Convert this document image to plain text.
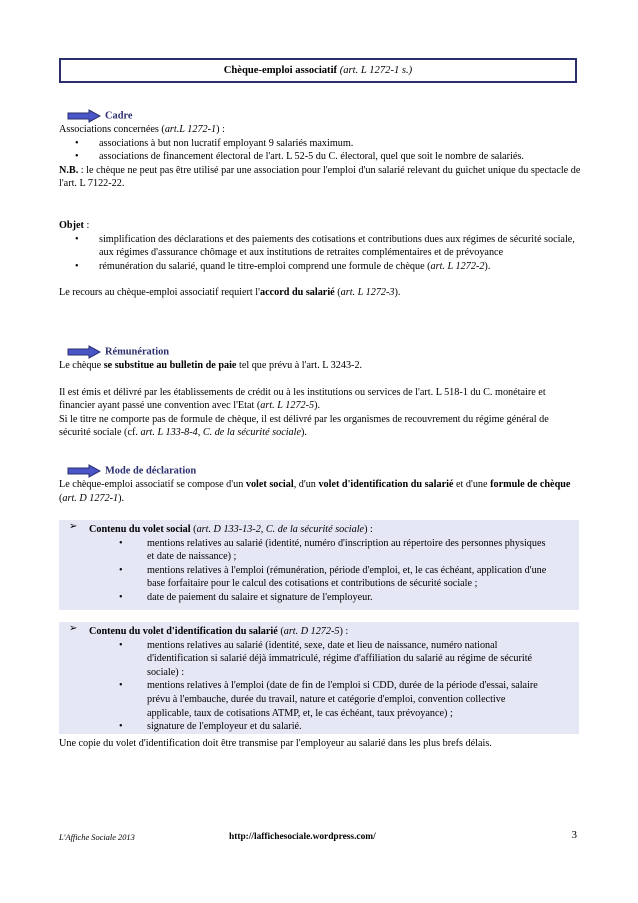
Chèque-emploi associatif (art. L 1272-1 s.)
Cadre

Associations concernées (art.L 1272-1) :

• associations à but non lucratif employant 9 salariés maximum.
• associations de financement électoral de l'art. L 52-5 du C. électoral, quel que soit le nombre de salariés.

N.B. : le chèque ne peut pas être utilisé par une association pour l'emploi d'un salarié relevant du guichet unique du spectacle de l'art. L 7122-22.

Objet :

• simplification des déclarations et des paiements des cotisations et contributions dues aux régimes de sécurité sociale, aux régimes d'assurance chômage et aux institutions de retraites complémentaires et de prévoyance
• rémunération du salarié, quand le titre-emploi comprend une formule de chèque (art. L 1272-2).

Le recours au chèque-emploi associatif requiert l'accord du salarié (art. L 1272-3).

Rémunération

Le chèque se substitue au bulletin de paie tel que prévu à l'art. L 3243-2.

Il est émis et délivré par les établissements de crédit ou à les institutions ou services de l'art. L 518-1 du C. monétaire et financier ayant passé une convention avec l'Etat (art. L 1272-5).

Si le titre ne comporte pas de formule de chèque, il est délivré par les organismes de recouvrement du régime général de sécurité sociale (cf. art. L 133-8-4, C. de la sécurité sociale).

Mode de déclaration

Le chèque-emploi associatif se compose d'un volet social, d'un volet d'identification du salarié et d'une formule de chèque (art. D 1272-1).

➢ Contenu du volet social (art. D 133-13-2, C. de la sécurité sociale) :
• mentions relatives au salarié (identité, numéro d'inscription au répertoire des personnes physiques et date de naissance) ;
• mentions relatives à l'emploi (rémunération, période d'emploi, et, le cas échéant, application d'une base forfaitaire pour le calcul des cotisations et contributions de sécurité sociale ;
• date de paiement du salaire et signature de l'employeur.
➢ Contenu du volet d'identification du salarié (art. D 1272-5) :
• mentions relatives au salarié (identité, sexe, date et lieu de naissance, numéro national d'identification si salarié déjà immatriculé, régime d'affiliation du salarié au régime de sécurité sociale) :
• mentions relatives à l'emploi (date de fin de l'emploi si CDD, durée de la période d'essai, salaire prévu à l'embauche, durée du travail, nature et catégorie d'emploi, convention collective applicable, taux de cotisations ATMP, et, le cas échéant, taux prévoyance) ;
• signature de l'employeur et du salarié.

Une copie du volet d'identification doit être transmise par l'employeur au salarié dans les plus brefs délais.

L'Affiche Sociale 2013	http://laffichesociale.wordpress.com/	3
